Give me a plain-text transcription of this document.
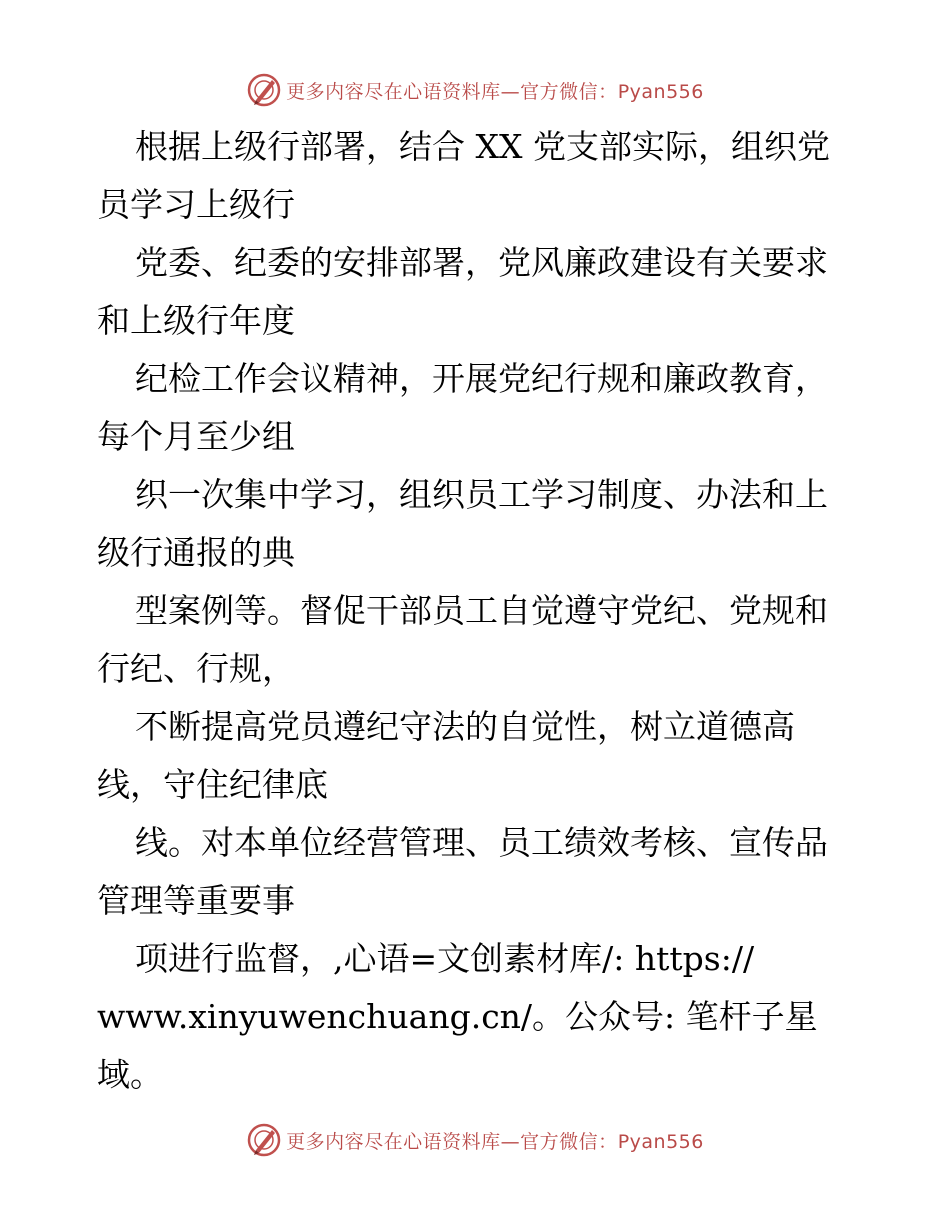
更多内容尽在心语资料库—官方微信：Pyan556

根据上级行部署，结合 XX 党支部实际，组织党
员学习上级行

党委、纪委的安排部署，党风廉政建设有关要求
和上级行年度

纪检工作会议精神，开展党纪行规和廉政教育，
每个月至少组

织一次集中学习，组织员工学习制度、办法和上
级行通报的典

型案例等。督促干部员工自觉遵守党纪、党规和
行纪、行规，

不断提高党员遵纪守法的自觉性，树立道德高
线，守住纪律底

线。对本单位经营管理、员工绩效考核、宣传品
管理等重要事

项进行监督，,心语=文创素材库/: https://
www.xinyuwenchuang.cn/。公众号: 笔杆子星域。

更多内容尽在心语资料库—官方微信：Pyan556
